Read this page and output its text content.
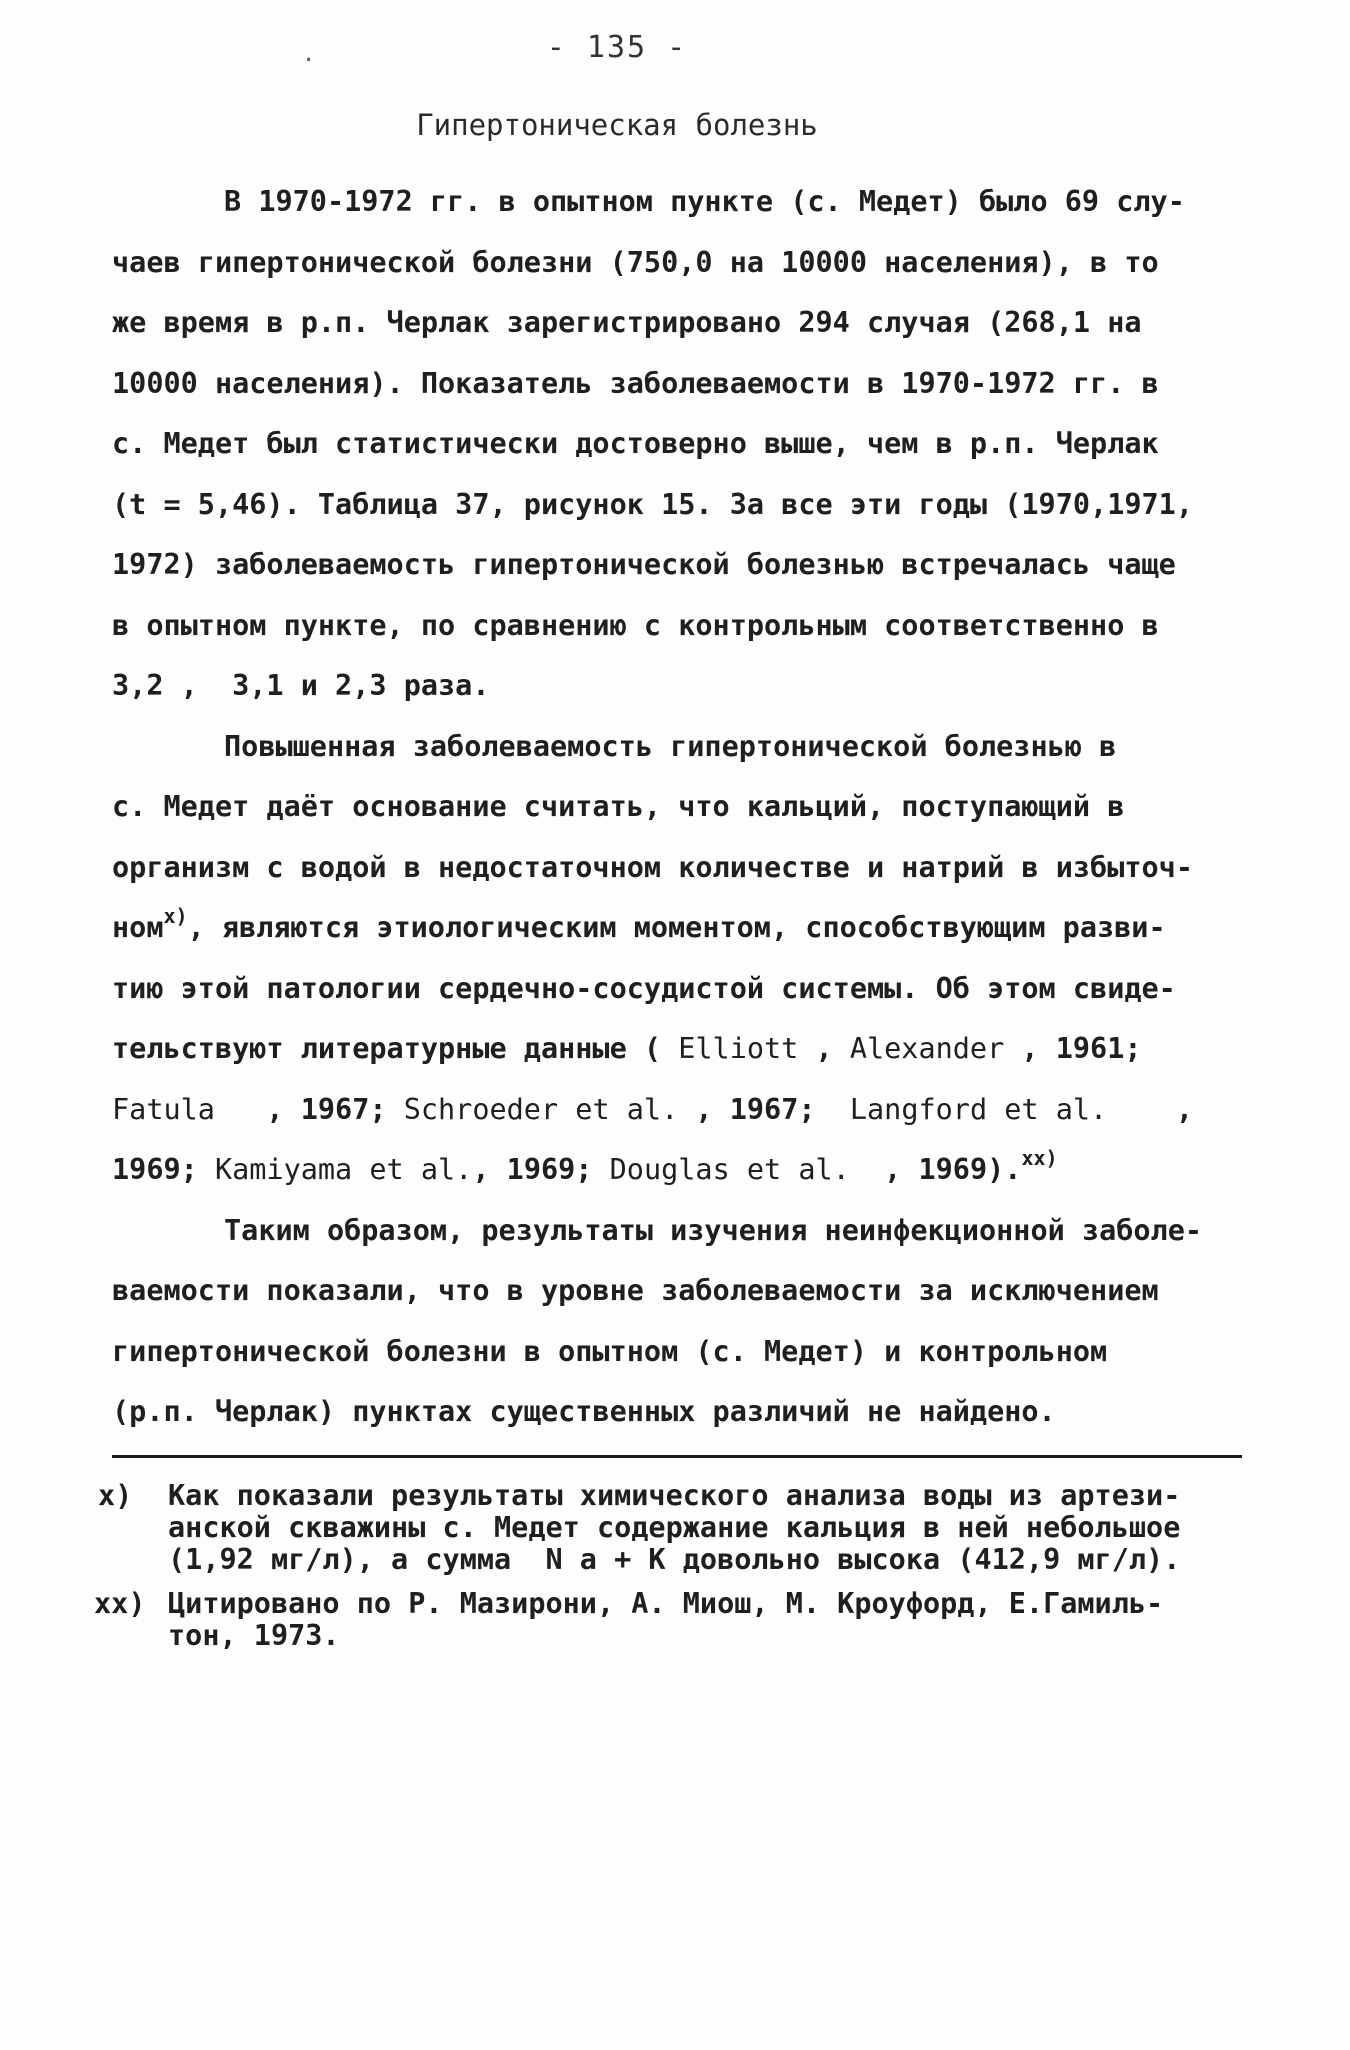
.	- 135 -
Гипертоническая болезнь
В 1970-1972 гг. в опытном пункте (с. Медет) было 69 слу-
чаев гипертонической болезни (750,0 на 10000 населения), в то
же время в р.п. Черлак зарегистрировано 294 случая (268,1 на
10000 населения). Показатель заболеваемости в 1970-1972 гг. в
с. Медет был статистически достоверно выше, чем в р.п. Черлак
(t = 5,46). Таблица 37, рисунок 15. За все эти годы (1970,1971,
1972) заболеваемость гипертонической болезнью встречалась чаще
в опытном пункте, по сравнению с контрольным соответственно в
3,2 ,  3,1 и 2,3 раза.
Повышенная заболеваемость гипертонической болезнью в
с. Медет даёт основание считать, что кальций, поступающий в
организм с водой в недостаточном количестве и натрий в избыточ-
ном$^{x)}$, являются этиологическим моментом, способствующим разви-
тию этой патологии сердечно-сосудистой системы. Об этом свиде-
тельствуют литературные данные ( Elliott , Alexander , 1961;
Fatula   , 1967; Schroeder et al. , 1967;  Langford et al.    ,
1969; Kamiyama et al., 1969; Douglas et al.  , 1969).$^{xx)}$
Таким образом, результаты изучения неинфекционной заболе-
ваемости показали, что в уровне заболеваемости за исключением
гипертонической болезни в опытном (с. Медет) и контрольном
(р.п. Черлак) пунктах существенных различий не найдено.
x) Как показали результаты химического анализа воды из артези-
анской скважины с. Медет содержание кальция в ней небольшое
(1,92 мг/л), а сумма  N a + K довольно высока (412,9 мг/л).
хх) Цитировано по Р. Мазирони, А. Миош, М. Кроуфорд, Е.Гамиль-
тон, 1973.
